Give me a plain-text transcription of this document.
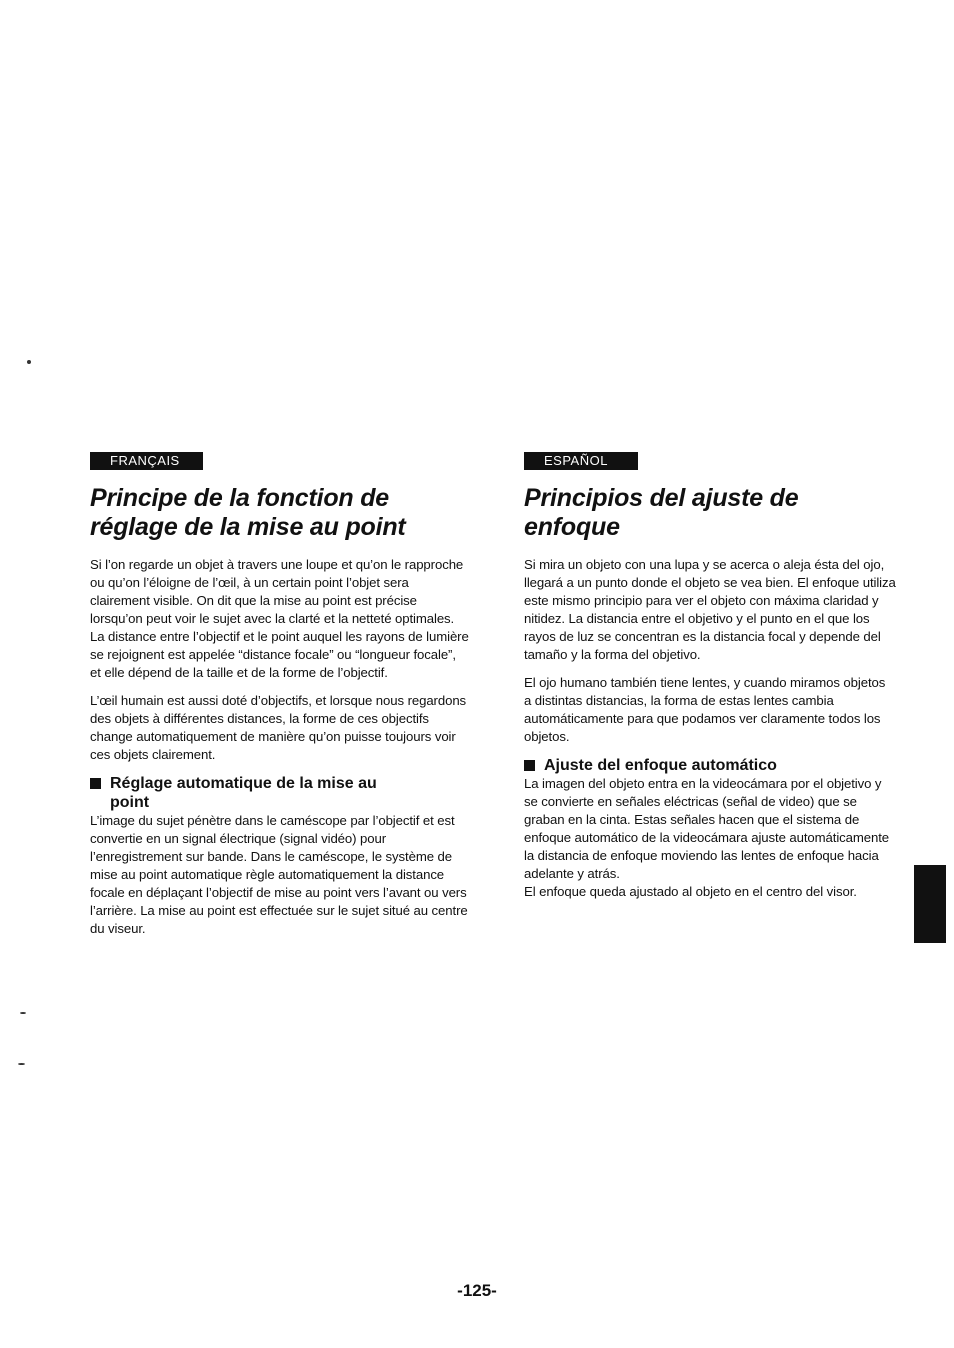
FRANÇAIS
Principe de la fonction de
réglage de la mise au point

Si l’on regarde un objet à travers une loupe et qu’on le rapproche ou qu’on l’éloigne de l’œil, à un certain point l’objet sera clairement visible. On dit que la mise au point est précise lorsqu’on peut voir le sujet avec la clarté et la netteté optimales. La distance entre l’objectif et le point auquel les rayons de lumière se rejoignent est appelée “distance focale” ou “longueur focale”, et elle dépend de la taille et de la forme de l’objectif.

L’œil humain est aussi doté d’objectifs, et lorsque nous regardons des objets à différentes distances, la forme de ces objectifs change automatiquement de manière qu’on puisse toujours voir ces objets clairement.

Réglage automatique de la mise au
point

L’image du sujet pénètre dans le caméscope par l’objectif et est convertie en un signal électrique (signal vidéo) pour l’enregistrement sur bande. Dans le caméscope, le système de mise au point automatique règle automatiquement la distance focale en déplaçant l’objectif de mise au point vers l’avant ou vers l’arrière. La mise au point est effectuée sur le sujet situé au centre du viseur.

ESPAÑOL
Principios del ajuste de
enfoque

Si mira un objeto con una lupa y se acerca o aleja ésta del ojo, llegará a un punto donde el objeto se vea bien. El enfoque utiliza este mismo principio para ver el objeto con máxima claridad y nitidez. La distancia entre el objetivo y el punto en el que los rayos de luz se concentran es la distancia focal y depende del tamaño y la forma del objetivo.

El ojo humano también tiene lentes, y cuando miramos objetos a distintas distancias, la forma de estas lentes cambia automáticamente para que podamos ver claramente todos los objetos.

Ajuste del enfoque automático

La imagen del objeto entra en la videocámara por el objetivo y se convierte en señales eléctricas (señal de video) que se graban en la cinta. Estas señales hacen que el sistema de enfoque automático de la videocámara ajuste automáticamente la distancia de enfoque moviendo las lentes de enfoque hacia adelante y atrás.

El enfoque queda ajustado al objeto en el centro del visor.

-125-
